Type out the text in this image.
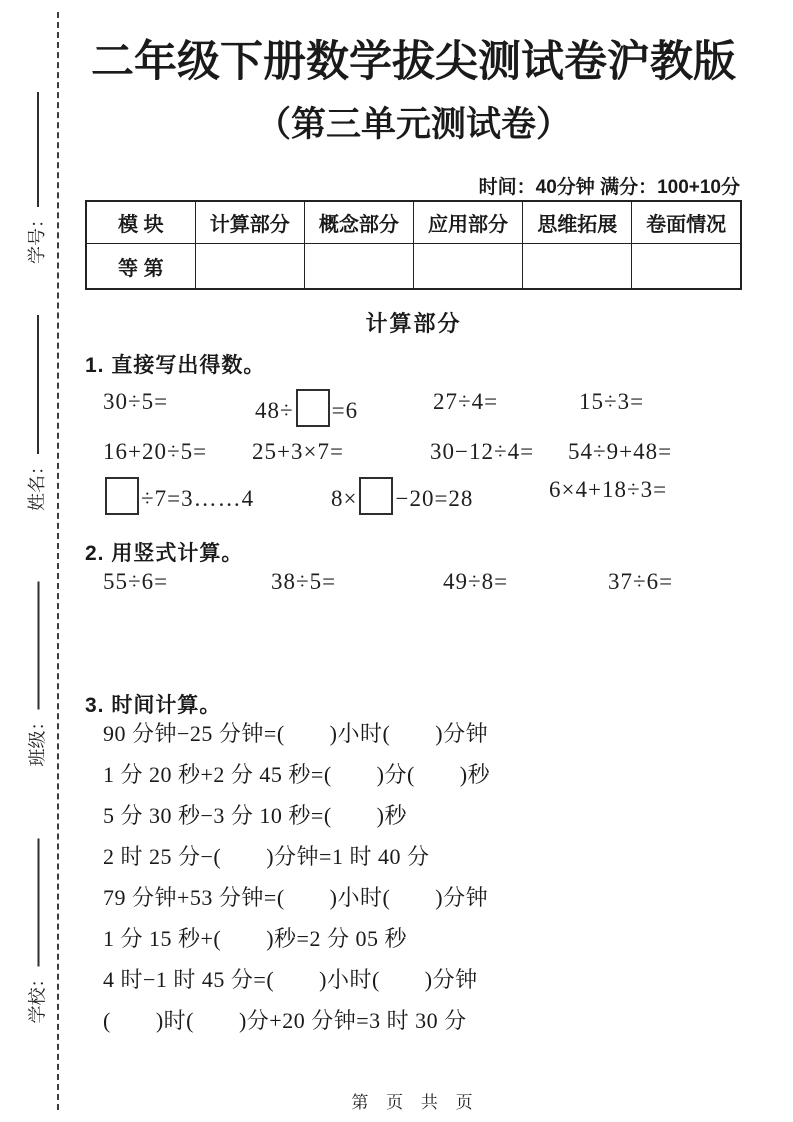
学号：
姓名：
班级：
学校：
二年级下册数学拔尖测试卷沪教版
（第三单元测试卷）
时间：40分钟 满分：100+10分
模 块	计算部分	概念部分	应用部分	思维拓展	卷面情况
等 第					
计算部分
1. 直接写出得数。
30÷5=	48÷ =6	27÷4=	15÷3=
16+20÷5=	25+3×7=	30−12÷4=	54÷9+48=
÷7=3……4	8× −20=28	6×4+18÷3=
2. 用竖式计算。
55÷6=	38÷5=	49÷8=	37÷6=
3. 时间计算。
90 分钟−25 分钟=(　　)小时(　　)分钟
1 分 20 秒+2 分 45 秒=(　　)分(　　)秒
5 分 30 秒−3 分 10 秒=(　　)秒
2 时 25 分−(　　)分钟=1 时 40 分
79 分钟+53 分钟=(　　)小时(　　)分钟
1 分 15 秒+(　　)秒=2 分 05 秒
4 时−1 时 45 分=(　　)小时(　　)分钟
(　　)时(　　)分+20 分钟=3 时 30 分
第 页 共 页
